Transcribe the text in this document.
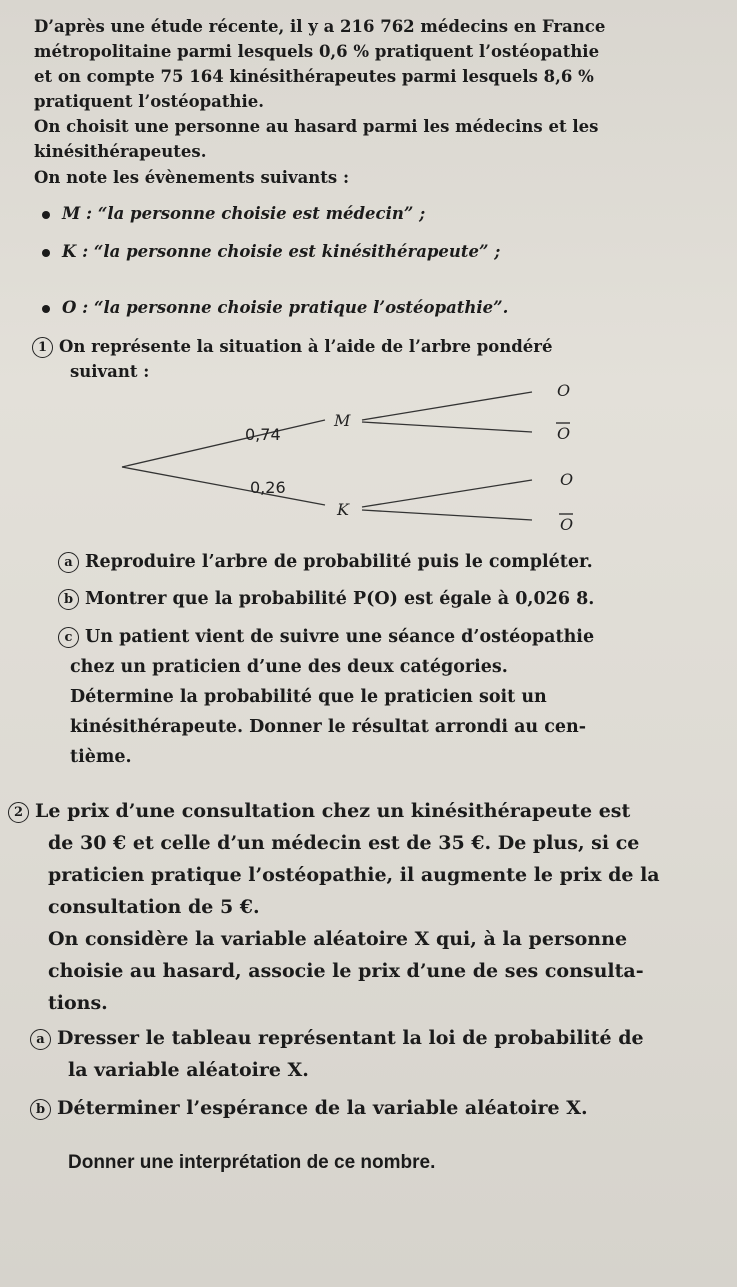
D’après une étude récente, il y a 216 762 médecins en France
métropolitaine parmi lesquels 0,6 % pratiquent l’ostéopathie
et on compte 75 164 kinésithérapeutes parmi lesquels 8,6 %
pratiquent l’ostéopathie.
On choisit une personne au hasard parmi les médecins et les
kinésithérapeutes.
On note les évènements suivants :
M : “la personne choisie est médecin” ;
K : “la personne choisie est kinésithérapeute” ;
O : “la personne choisie pratique l’ostéopathie”.
1 On représente la situation à l’aide de l’arbre pondéré
suivant :
0,74
0,26
M
K
O
O
O
O
a Reproduire l’arbre de probabilité puis le compléter.
b Montrer que la probabilité P(O) est égale à 0,026 8.
c Un patient vient de suivre une séance d’ostéopathie
chez un praticien d’une des deux catégories.
Détermine la probabilité que le praticien soit un
kinésithérapeute. Donner le résultat arrondi au cen-
tième.
2 Le prix d’une consultation chez un kinésithérapeute est
de 30 € et celle d’un médecin est de 35 €. De plus, si ce
praticien pratique l’ostéopathie, il augmente le prix de la
consultation de 5 €.
On considère la variable aléatoire X qui, à la personne
choisie au hasard, associe le prix d’une de ses consulta-
tions.
a Dresser le tableau représentant la loi de probabilité de
la variable aléatoire X.
b Déterminer l’espérance de la variable aléatoire X.
Donner une interprétation de ce nombre.
